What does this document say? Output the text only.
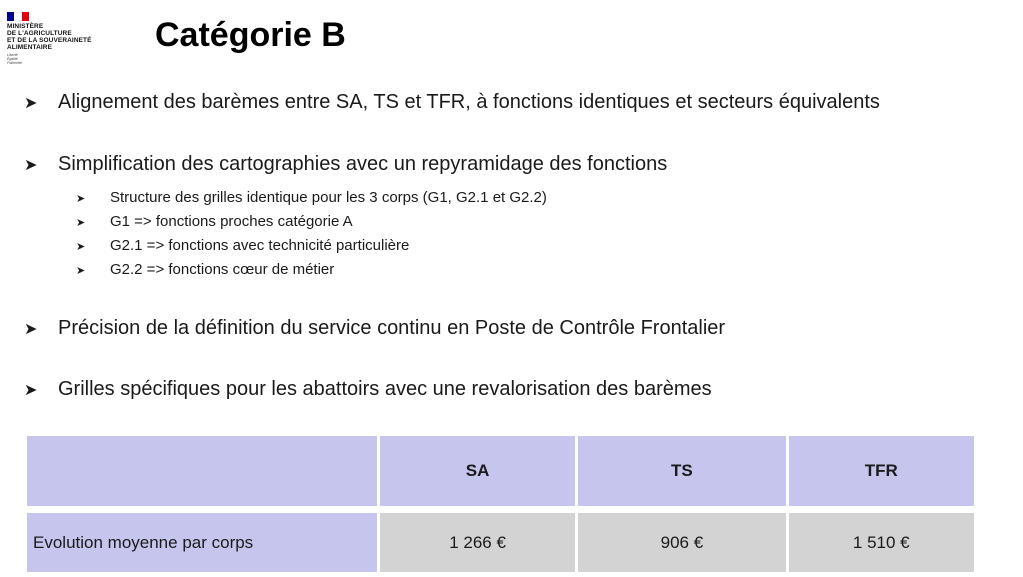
MINISTÈRE
DE L'AGRICULTURE
ET DE LA SOUVERAINETÉ
ALIMENTAIRE
Liberté
Égalité
Fraternité
Catégorie B
➤ Alignement des barèmes entre SA, TS et TFR, à fonctions identiques et secteurs équivalents
➤ Simplification des cartographies avec un repyramidage des fonctions
➤ Structure des grilles identique pour les 3 corps (G1, G2.1 et G2.2)
➤ G1 => fonctions proches catégorie A
➤ G2.1 => fonctions avec technicité particulière
➤ G2.2 => fonctions cœur de métier
➤ Précision de la définition du service continu en Poste de Contrôle Frontalier
➤ Grilles spécifiques pour les abattoirs avec une revalorisation des barèmes
	SA	TS	TFR

Evolution moyenne par corps	1 266 €	906 €	1 510 €
